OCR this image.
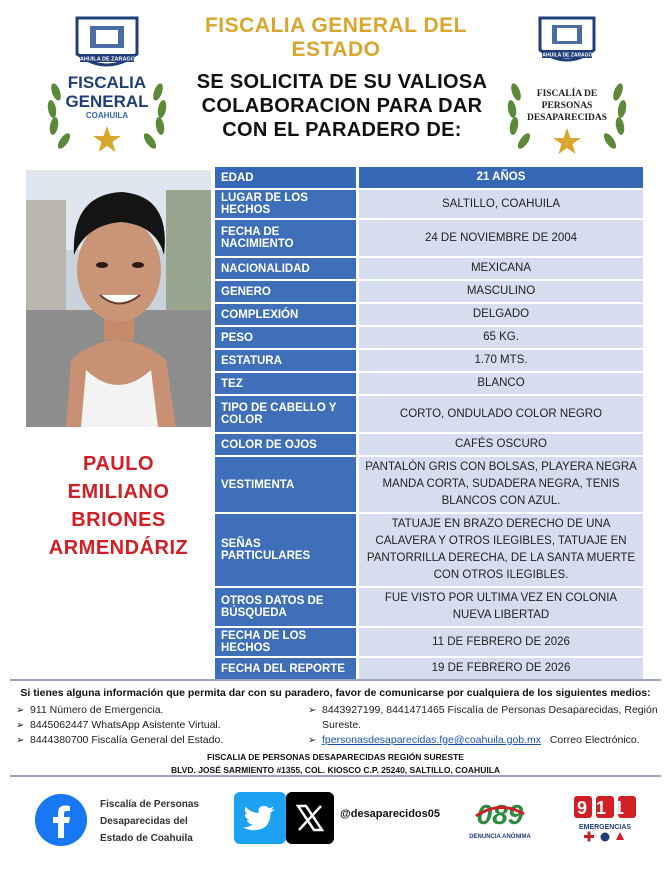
COAHUILA DE ZARAGOZA
FISCALIA
GENERAL
COAHUILA
FISCALIA GENERAL DEL ESTADO
SE SOLICITA DE SU VALIOSA COLABORACION PARA DAR CON EL PARADERO DE:
COAHUILA DE ZARAGOZA
FISCALÍA DE
PERSONAS
DESAPARECIDAS
PAULO
EMILIANO
BRIONES
ARMENDÁRIZ
EDAD	21 AÑOS
LUGAR DE LOS HECHOS	SALTILLO, COAHUILA
FECHA DE NACIMIENTO	24 DE NOVIEMBRE DE 2004
NACIONALIDAD	MEXICANA
GENERO	MASCULINO
COMPLEXIÓN	DELGADO
PESO	65 KG.
ESTATURA	1.70 MTS.
TEZ	BLANCO
TIPO DE CABELLO Y COLOR	CORTO, ONDULADO COLOR NEGRO
COLOR DE OJOS	CAFÉS OSCURO
VESTIMENTA	PANTALÓN GRIS CON BOLSAS, PLAYERA NEGRA MANDA CORTA, SUDADERA NEGRA, TENIS BLANCOS CON AZUL.
SEÑAS PARTICULARES	TATUAJE EN BRAZO DERECHO DE UNA CALAVERA Y OTROS ILEGIBLES, TATUAJE EN PANTORRILLA DERECHA, DE LA SANTA MUERTE CON OTROS ILEGIBLES.
OTROS DATOS DE BÚSQUEDA	FUE VISTO POR ULTIMA VEZ EN COLONIA NUEVA LIBERTAD
FECHA DE LOS HECHOS	11 DE FEBRERO DE 2026
FECHA DEL REPORTE	19 DE FEBRERO DE 2026
Si tienes alguna información que permita dar con su paradero, favor de comunicarse por cualquiera de los siguientes medios:
➢ 911 Número de Emergencia.
➢ 8445062447 WhatsApp Asistente Virtual.
➢ 8444380700 Fiscalía General del Estado.
➢ 8443927199, 8441471465 Fiscalía de Personas Desaparecidas, Región Sureste.
➢ fpersonasdesaparecidas.fge@coahuila.gob.mx Correo Electrónico.
FISCALIA DE PERSONAS DESAPARECIDAS REGIÓN SURESTE
BLVD. JOSÉ SARMIENTO #1355, COL. KIOSCO C.P. 25240, SALTILLO, COAHUILA
Fiscalía de Personas
Desaparecidas del
Estado de Coahuila
@desaparecidos05 089
DENUNCIA ANÓNIMA
911
EMERGENCIAS
